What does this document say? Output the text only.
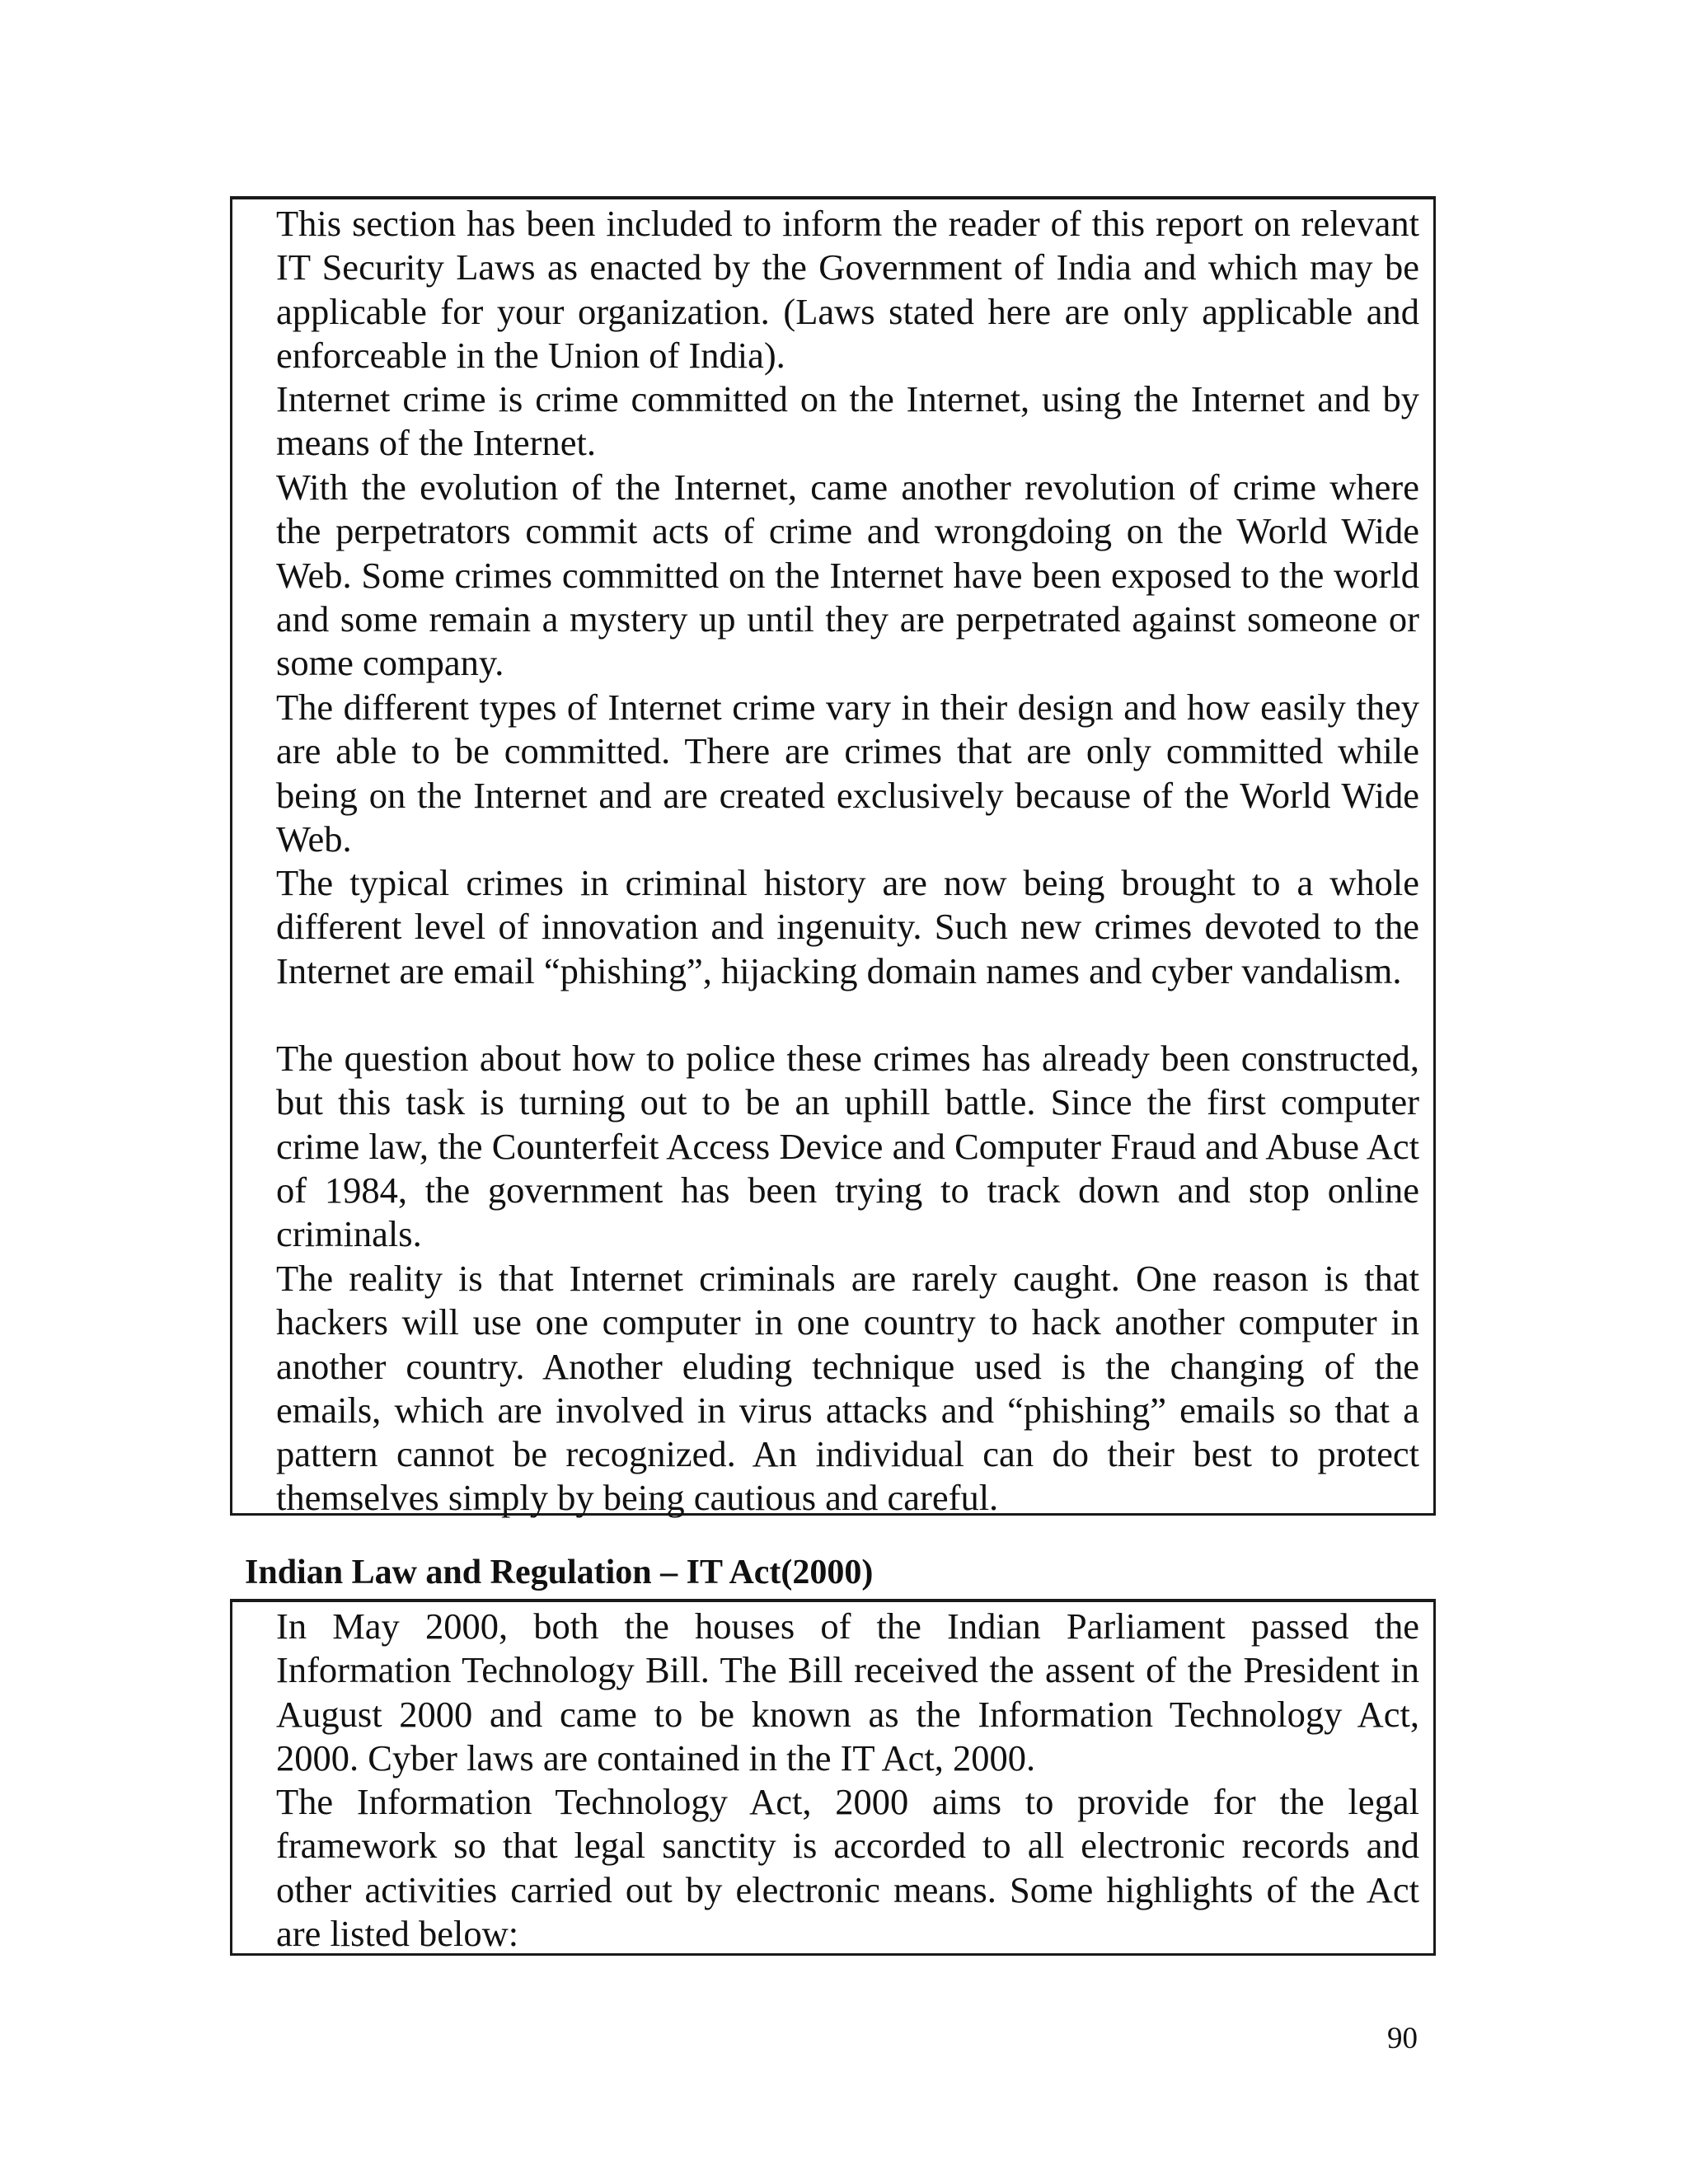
This section has been included to inform the reader of this report on relevant IT Security Laws as enacted by the Government of India and which may be applicable for your organization. (Laws stated here are only applicable and enforceable in the Union of India).

Internet crime is crime committed on the Internet, using the Internet and by means of the Internet.

With the evolution of the Internet, came another revolution of crime where the perpetrators commit acts of crime and wrongdoing on the World Wide Web. Some crimes committed on the Internet have been exposed to the world and some remain a mystery up until they are perpetrated against someone or some company.

The different types of Internet crime vary in their design and how easily they are able to be committed. There are crimes that are only committed while being on the Internet and are created exclusively because of the World Wide Web.

The typical crimes in criminal history are now being brought to a whole different level of innovation and ingenuity. Such new crimes devoted to the Internet are email “phishing”, hijacking domain names and cyber vandalism.

The question about how to police these crimes has already been constructed, but this task is turning out to be an uphill battle. Since the first computer crime law, the Counterfeit Access Device and Computer Fraud and Abuse Act of 1984, the government has been trying to track down and stop online criminals.

The reality is that Internet criminals are rarely caught. One reason is that hackers will use one computer in one country to hack another computer in another country. Another eluding technique used is the changing of the emails, which are involved in virus attacks and “phishing” emails so that a pattern cannot be recognized. An individual can do their best to protect themselves simply by being cautious and careful.

Indian Law and Regulation – IT Act(2000)

In May 2000, both the houses of the Indian Parliament passed the Information Technology Bill. The Bill received the assent of the President in August 2000 and came to be known as the Information Technology Act, 2000. Cyber laws are contained in the IT Act, 2000.

The Information Technology Act, 2000 aims to provide for the legal framework so that legal sanctity is accorded to all electronic records and other activities carried out by electronic means. Some highlights of the Act are listed below:

90
